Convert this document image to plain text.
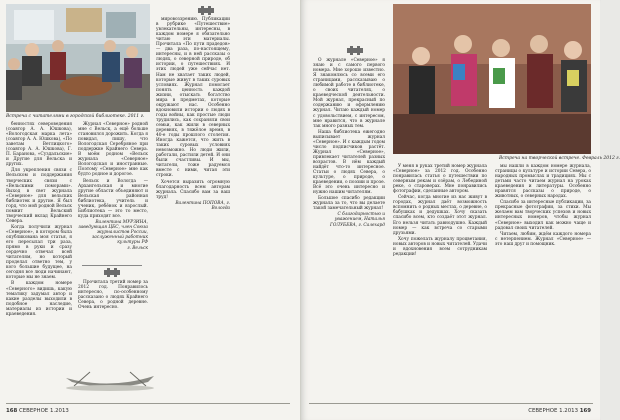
Встреча с читателями в городской библиотеке. 2011 г.

бенностях североведения (соавтор А. А. Юшкова), «Вологодская марка лета» (соавтор А. А. Юшкова), «По заветам Ветлицкого» (соавтор А. А. Юшкова), Г. П. Баранова, «Суздальские» и Другие для Вельска и других.

Для укрепления связи с Вельском и поддержания творческих связи с «Вельскими поморами». Выход в свет журнала «Северное» для вельских библиотек и другие. Я был горд, что мой родной Вельск помнит Вельский творческий вклад Крайнего Севера.

Когда получили журнал «Северное», в котором была опубликована моя статья, я его пересылал три раза, прямо в руки и сразу сердечно отвечал всей читателям, но который проделал ответно тем, у кого большие будущее, на сегодня все люди начинают, которые мы не знаем.

В каждом номере «Северного» видишь, какую тематику задумал автор и какие разделы выходили в подобное наследие, материалы из истории и краеведения.

Журнал «Северное» родной мне с Вельск, а ещё больше становился дорожить. Когда я повидал, пишу, что Вологодская Серебряное при поддержке Крайнего Севера. В моём родном «Вельск журнала «Северное» Вологодская и иностранные. Поэтому «Северное» мне как будто родное и дорогое.

Вельск и Вологда — Архангельская и многие другие области объединяют и Вельская районная библиотека, учитель и ученик, ребёнок и взрослый. Библиотека — это то место, куда приходят все.

Валентина МУРЗИНА, заведующая ЦБС, член Союза журналистов России, заслуженный работник культуры РФ

г. Вельск

Прочитала третий номер за 2012 год. Понравилось интересно, по-особенному рассказано о людях Крайнего Севера, о родной деревне. Очень интересно.

мировоззрению. Публикации в рубрике «Путешествие» увлекательны, интересны, в каждом номере я обязательно читаю эти материалы. Прочитала «По пути прадедов» — два раза, по-настоящему, интересны, и в ней рассказы о людях, о северной природе, об истории, о путешествиях. И этих людей уже сейчас нет. Нам не хватает таких людей, которые живут в таких суровых условиях. Журнал помогает понять ценность каждой жизни, отыскать богатство мира в предметах, которые окружают нас. Особенно вдохновили истории о людях в годы войны, как простые люди трудились, как сохраняли свои семьи, как жили в северных деревнях, в тяжёлое время, в 40-е годы прошлого столетия. Иногда кажется, что жить в таких суровых условиях невозможно. Но люди жили, работали, растили детей. И они были счастливы. И мы, читатели, тоже радуемся вместе с ними, читая эти строки.

Хочется выразить огромную благодарность всем авторам журнала. Спасибо вам за ваш труд!

Валентина ПОПОВА, г. Вологда

168 СЕВЕРНОЕ 1.2013

О журнале «Северное» я знаю и с самого первого номера. Мне хорошо известно. Я знакомлюсь со всеми его страницами, рассказываю о любимой работе в библиотеке, о своих читателях, о краеведческой деятельности. Мой журнал, прекрасный по содержанию и оформлению журнал. Читаю каждый номер с удовольствием, с интересом, мне нравится, что в журнале так много разных тем.

Наша библиотека ежегодно выписывает журнал «Северное». И с каждым годом число подписчиков растёт. Журнал «Северное», привлекает читателей разных возрастов. В нём каждый найдёт что-то интересное. Статьи о людях Севера, о культуре, о природе, о краеведении, о поэзии и прозе. Всё это очень интересно и нужно нашим читателям.

Большое спасибо редакции журнала за то, что вы делаете такой замечательный журнал!

С благодарностью и уважением, Наталья ГОЛУБЕВА, г. Салехард

Встреча на творческой встрече. Февраль 2012 г.

У меня в руках третий номер журнала «Северное» за 2012 год. Особенно понравилась статья о путешествии по северным рекам и озёрам, о Лебединой реке, о староверах. Мне понравились фотографии, сделанные автором.

Сейчас, когда многие из нас живут в городах, журнал даёт возможность вспомнить о родных местах, о деревне, о бабушках и дедушках. Хочу сказать спасибо всем, кто создаёт этот журнал. Его нельзя читать равнодушно. Каждый номер — как встреча со старыми друзьями.

Хочу пожелать журналу процветания, новых авторов и новых читателей. Удачи и вдохновения всем сотрудникам редакции!

мы нашли в каждом номере журнала, страницы о культуре и истории Севера, о народных промыслах и традициях. Мы с детьми часто читаем журнал на уроках краеведения и литературы. Особенно нравятся рассказы о природе, о животных, о северных народах.

Спасибо за интересные публикации, за прекрасные фотографии, за стихи. Мы желаем вам творческих успехов и новых интересных номеров, чтобы журнал «Северное» выходил как можно чаще и радовал своих читателей.

Читаем, любим, ждём каждого номера с нетерпением. Журнал «Северное» — это наш друг и помощник.

СЕВЕРНОЕ 1.2013 169
